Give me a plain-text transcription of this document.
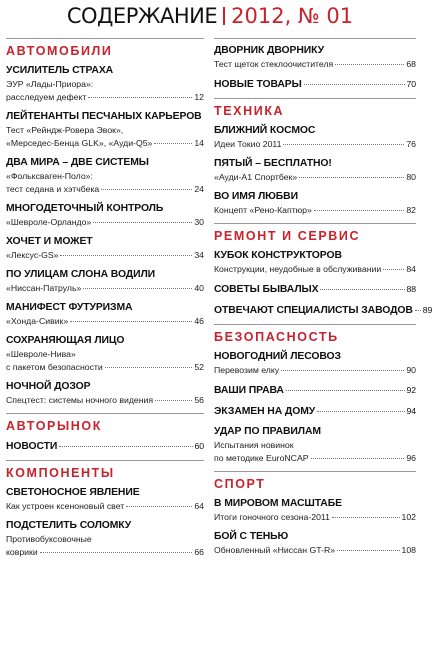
СОДЕРЖАНИЕ 2012, № 01
АВТОМОБИЛИ
УСИЛИТЕЛЬ СТРАХА
ЭУР «Лады-Приора»:
расследуем дефект	12
ЛЕЙТЕНАНТЫ ПЕСЧАНЫХ КАРЬЕРОВ
Тест «Рейндж-Ровера Эвок»,
«Мерседес-Бенца GLK», «Ауди-Q5»	14
ДВА МИРА – ДВЕ СИСТЕМЫ
«Фольксваген-Поло»:
тест седана и хэтчбека	24
МНОГОДЕТОЧНЫЙ КОНТРОЛЬ
«Шевроле-Орландо»	30
ХОЧЕТ И МОЖЕТ
«Лексус-GS»	34
ПО УЛИЦАМ СЛОНА ВОДИЛИ
«Ниссан-Патруль»	40
МАНИФЕСТ ФУТУРИЗМА
«Хонда-Сивик»	46
СОХРАНЯЮЩАЯ ЛИЦО
«Шевроле-Нива»
с пакетом безопасности	52
НОЧНОЙ ДОЗОР
Спецтест: системы ночного видения	56
АВТОРЫНОК
НОВОСТИ	60
КОМПОНЕНТЫ
СВЕТОНОСНОЕ ЯВЛЕНИЕ
Как устроен ксеноновый свет	64
ПОДСТЕЛИТЬ СОЛОМКУ
Противобуксовочные
коврики	66
ДВОРНИК ДВОРНИКУ
Тест щеток стеклоочистителя	68
НОВЫЕ ТОВАРЫ	70
ТЕХНИКА
БЛИЖНИЙ КОСМОС
Идеи Токио 2011	76
ПЯТЫЙ – БЕСПЛАТНО!
«Ауди-А1 Спортбек»	80
ВО ИМЯ ЛЮБВИ
Концепт «Рено-Каптюр»	82
РЕМОНТ И СЕРВИС
КУБОК КОНСТРУКТОРОВ
Конструкции, неудобные в обслуживании	84
СОВЕТЫ БЫВАЛЫХ	88
ОТВЕЧАЮТ СПЕЦИАЛИСТЫ ЗАВОДОВ 89
БЕЗОПАСНОСТЬ
НОВОГОДНИЙ ЛЕСОВОЗ
Перевозим елку	90
ВАШИ ПРАВА	92
ЭКЗАМЕН НА ДОМУ	94
УДАР ПО ПРАВИЛАМ
Испытания новинок
по методике EuroNCAP	96
СПОРТ
В МИРОВОМ МАСШТАБЕ
Итоги гоночного сезона-2011	102
БОЙ С ТЕНЬЮ
Обновленный «Ниссан GT-R»	108
